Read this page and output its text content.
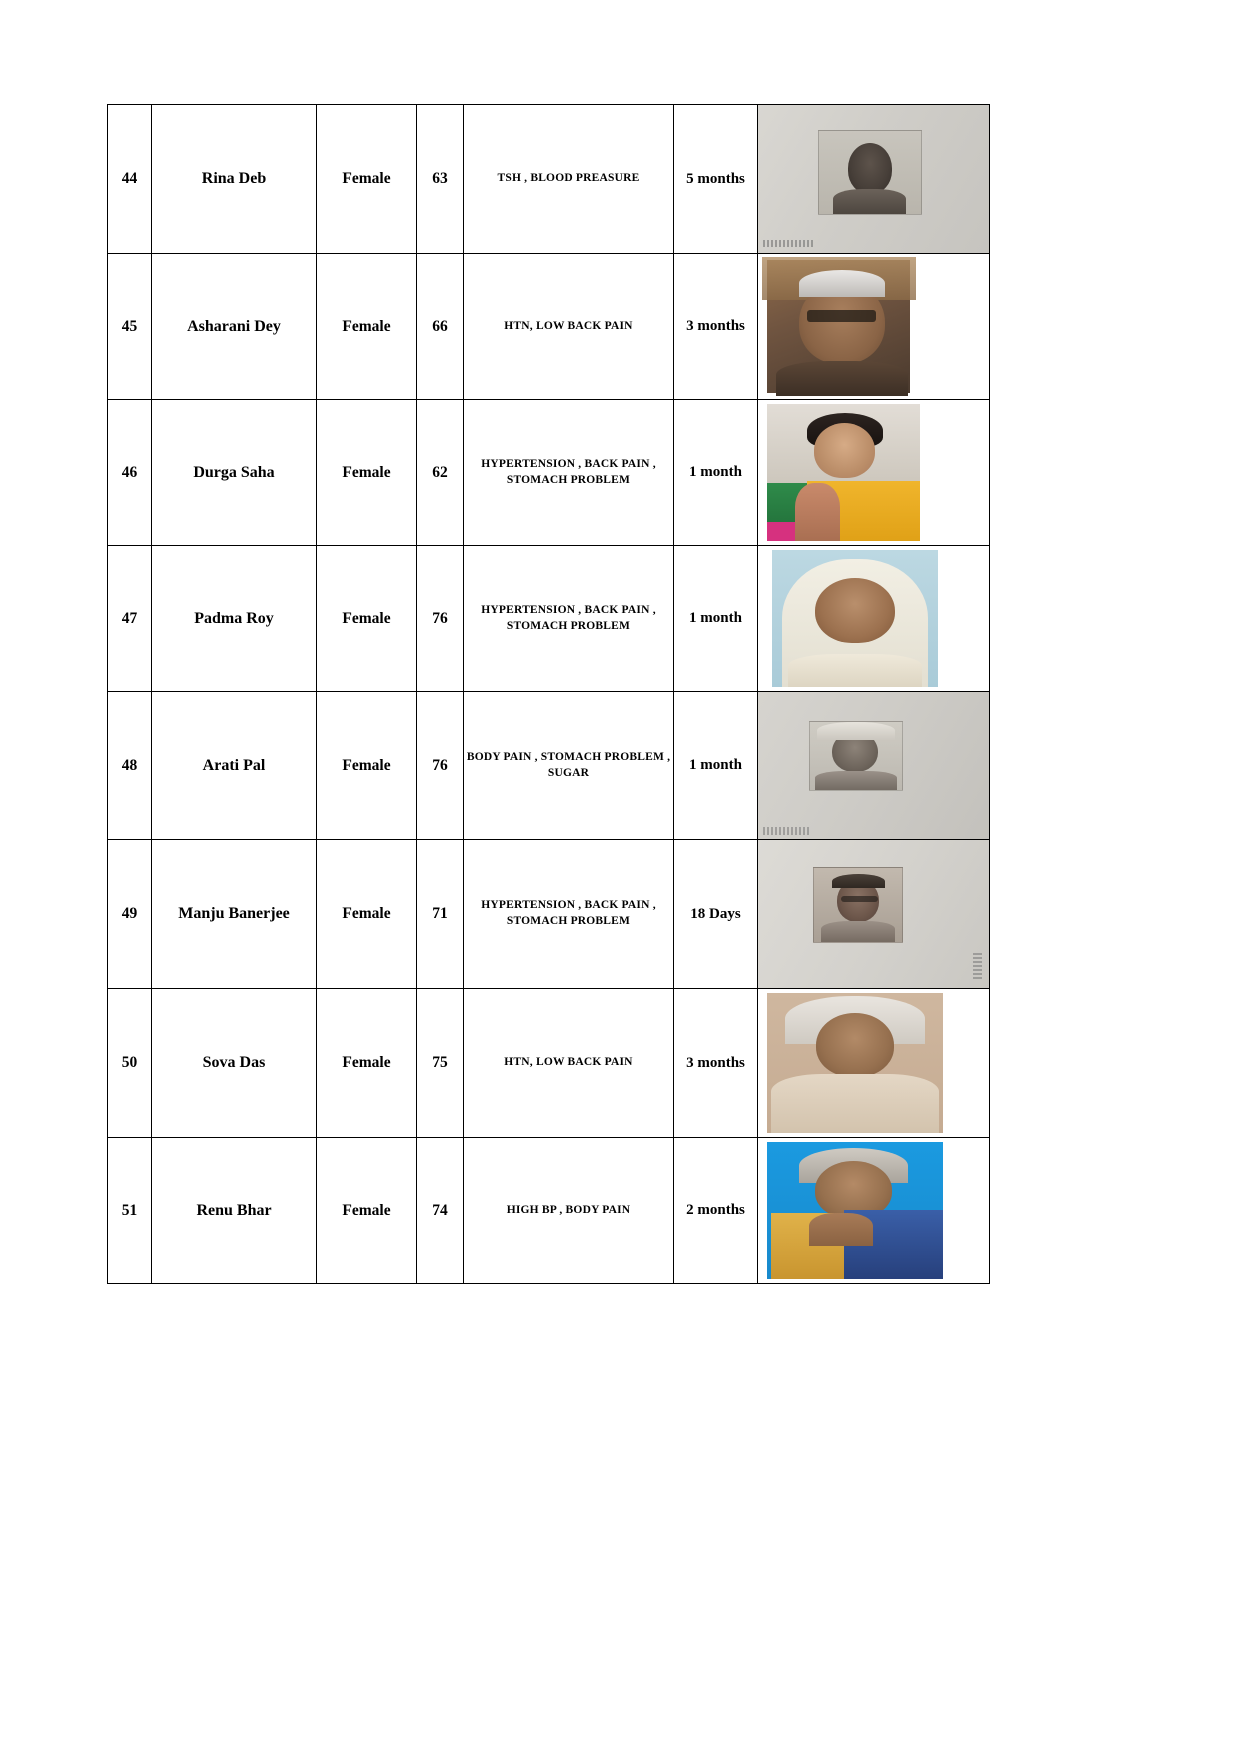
44	Rina Deb	Female	63	TSH , BLOOD PREASURE	5 months	

45	Asharani Dey	Female	66	HTN, LOW BACK PAIN	3 months	

46	Durga Saha	Female	62	HYPERTENSION , BACK PAIN , STOMACH PROBLEM	1 month	

47	Padma Roy	Female	76	HYPERTENSION , BACK PAIN , STOMACH PROBLEM	1 month	

48	Arati Pal	Female	76	BODY PAIN , STOMACH PROBLEM , SUGAR	1 month	

49	Manju Banerjee	Female	71	HYPERTENSION , BACK PAIN , STOMACH PROBLEM	18 Days	

50	Sova Das	Female	75	HTN, LOW BACK PAIN	3 months	

51	Renu Bhar	Female	74	HIGH BP , BODY PAIN	2 months	
